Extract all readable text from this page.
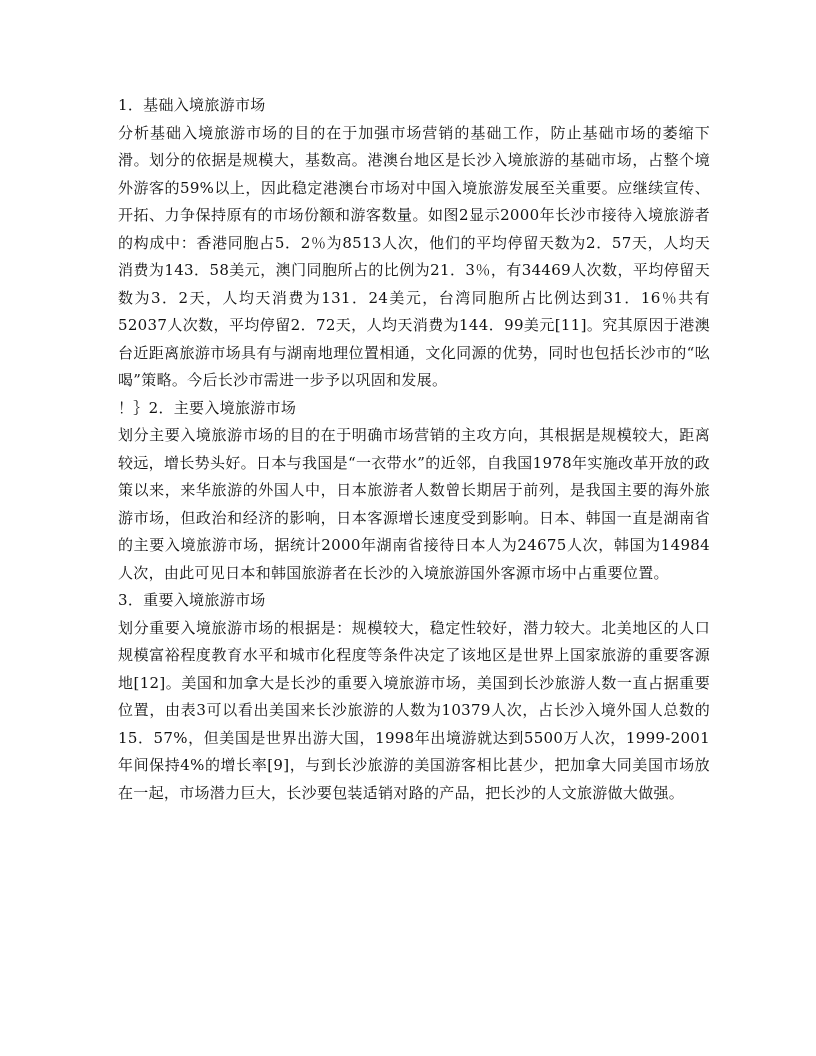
1．基础入境旅游市场

分析基础入境旅游市场的目的在于加强市场营销的基础工作，防止基础市场的萎缩下滑。划分的依据是规模大，基数高。港澳台地区是长沙入境旅游的基础市场，占整个境外游客的59%以上，因此稳定港澳台市场对中国入境旅游发展至关重要。应继续宣传、开拓、力争保持原有的市场份额和游客数量。如图2显示2000年长沙市接待入境旅游者的构成中：香港同胞占5．2％为8513人次，他们的平均停留天数为2．57天，人均天消费为143．58美元，澳门同胞所占的比例为21．3％，有34469人次数，平均停留天数为3．2天，人均天消费为131．24美元，台湾同胞所占比例达到31．16％共有52037人次数，平均停留2．72天，人均天消费为144．99美元[11]。究其原因于港澳台近距离旅游市场具有与湖南地理位置相通，文化同源的优势，同时也包括长沙市的“吆喝”策略。今后长沙市需进一步予以巩固和发展。

！｝2．主要入境旅游市场

划分主要入境旅游市场的目的在于明确市场营销的主攻方向，其根据是规模较大，距离较远，增长势头好。日本与我国是“一衣带水”的近邻，自我国1978年实施改革开放的政策以来，来华旅游的外国人中，日本旅游者人数曾长期居于前列，是我国主要的海外旅游市场，但政治和经济的影响，日本客源增长速度受到影响。日本、韩国一直是湖南省的主要入境旅游市场，据统计2000年湖南省接待日本人为24675人次，韩国为14984人次，由此可见日本和韩国旅游者在长沙的入境旅游国外客源市场中占重要位置。

3．重要入境旅游市场

划分重要入境旅游市场的根据是：规模较大，稳定性较好，潜力较大。北美地区的人口规模富裕程度教育水平和城市化程度等条件决定了该地区是世界上国家旅游的重要客源地[12]。美国和加拿大是长沙的重要入境旅游市场，美国到长沙旅游人数一直占据重要位置，由表3可以看出美国来长沙旅游的人数为10379人次，占长沙入境外国人总数的15．57%，但美国是世界出游大国，1998年出境游就达到5500万人次，1999-2001年间保持4%的增长率[9]，与到长沙旅游的美国游客相比甚少，把加拿大同美国市场放在一起，市场潜力巨大，长沙要包装适销对路的产品，把长沙的人文旅游做大做强。
